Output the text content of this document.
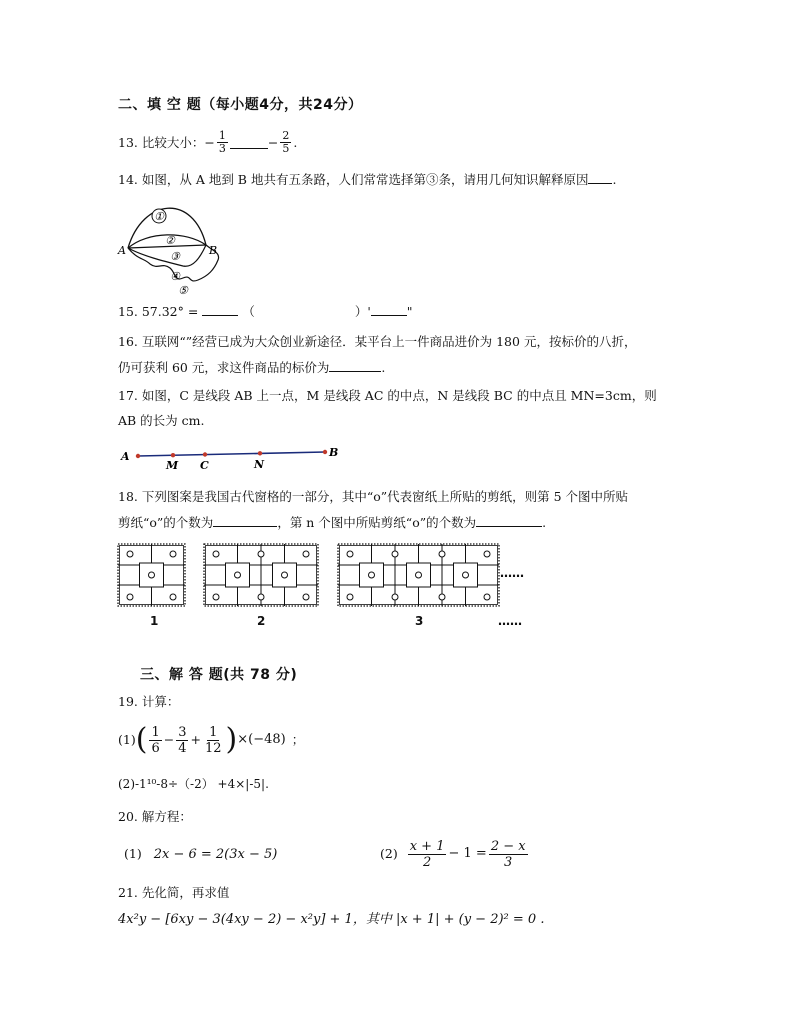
二、填 空 题（每小题4分，共24分）
13. 比较大小： − $\frac{1}{3}$	− $\frac{2}{5}$ .
14. 如图，从 A 地到 B 地共有五条路，人们常常选择第③条，请用几何知识解释原因 .
①
②
③
④
⑤
A	B
15. 57.32° =	（	）'	"
16. 互联网“”经营已成为大众创业新途径．某平台上一件商品进价为 180 元，按标价的八折，
仍可获利 60 元，求这件商品的标价为	.
17. 如图，C 是线段 AB 上一点，M 是线段 AC 的中点，N 是线段 BC 的中点且 MN=3cm，则
AB 的长为 cm.
A
M C	N
B
18. 下列图案是我国古代窗格的一部分，其中“o”代表窗纸上所贴的剪纸，则第 5 个图中所贴
剪纸“o”的个数为	，第 n 个图中所贴剪纸“o”的个数为	.
1	2	3
……
……
三、解 答 题(共 78 分)
19. 计算：
(1) ( $\frac{1}{6} - \frac{3}{4} + \frac{1}{12}$ ) ×(−48) ；
(2)-1¹⁰-8÷（-2） +4×|-5|.
20. 解方程：
(1) 2x − 6 = 2(3x − 5)	$(2) \frac{x + 1}{2} - 1 = \frac{2 - x}{3}$
21. 先化简，再求值
4x²y − [6xy − 3(4xy − 2) − x²y] + 1，其中 |x + 1| + (y − 2)² = 0 .
